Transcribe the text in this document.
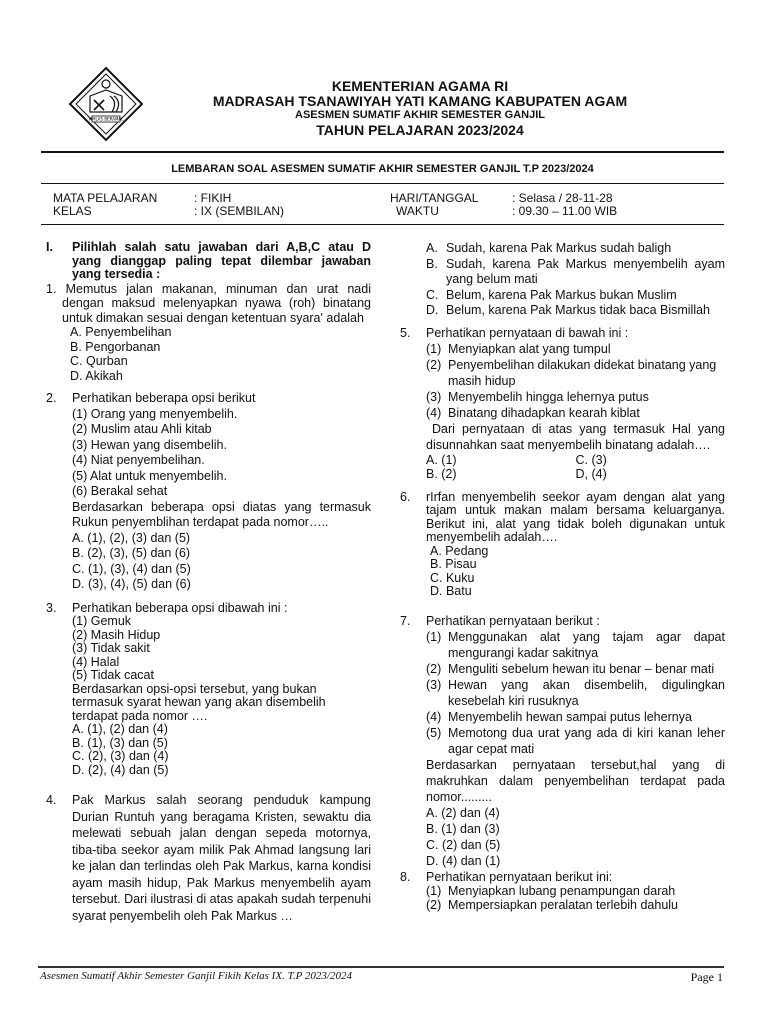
IKHLAS BERAMAL
KEMENTERIAN AGAMA RI
MADRASAH TSANAWIYAH YATI KAMANG KABUPATEN AGAM
ASESMEN SUMATIF AKHIR SEMESTER GANJIL
TAHUN PELAJARAN 2023/2024
LEMBARAN SOAL ASESMEN SUMATIF AKHIR SEMESTER GANJIL T.P 2023/2024
MATA PELAJARAN	: FIKIH
KELAS	: IX (SEMBILAN)
HARI/TANGGAL	: Selasa / 28-11-28
WAKTU	: 09.30 – 11.00 WIB
I.	Pilihlah salah satu jawaban dari A,B,C atau D yang dianggap paling tepat dilembar jawaban yang tersedia :
1. Memutus jalan makanan, minuman dan urat nadi dengan maksud melenyapkan nyawa (roh) binatang untuk dimakan sesuai dengan ketentuan syara' adalah
A. Penyembelihan
B. Pengorbanan
C. Qurban
D. Akikah
2. Perhatikan beberapa opsi berikut
(1) Orang yang menyembelih.
(2) Muslim atau Ahli kitab
(3) Hewan yang disembelih.
(4) Niat penyembelihan.
(5) Alat untuk menyembelih.
(6) Berakal sehat
Berdasarkan beberapa opsi diatas yang termasuk Rukun penyemblihan terdapat pada nomor…..
A. (1), (2), (3) dan (5)
B. (2), (3), (5) dan (6)
C. (1), (3), (4) dan (5)
D. (3), (4), (5) dan (6)
3. Perhatikan beberapa opsi dibawah ini :
(1) Gemuk
(2) Masih Hidup
(3) Tidak sakit
(4) Halal
(5) Tidak cacat
Berdasarkan opsi-opsi tersebut, yang bukan termasuk syarat hewan yang akan disembelih terdapat pada nomor ….
A. (1), (2) dan (4)
B. (1), (3) dan (5)
C. (2), (3) dan (4)
D. (2), (4) dan (5)
4. Pak Markus salah seorang penduduk kampung Durian Runtuh yang beragama Kristen, sewaktu dia melewati sebuah jalan dengan sepeda motornya, tiba-tiba seekor ayam milik Pak Ahmad langsung lari ke jalan dan terlindas oleh Pak Markus, karna kondisi ayam masih hidup, Pak Markus menyembelih ayam tersebut. Dari ilustrasi di atas apakah sudah terpenuhi syarat penyembelih oleh Pak Markus …
A. Sudah, karena Pak Markus sudah baligh
B. Sudah, karena Pak Markus menyembelih ayam yang belum mati
C. Belum, karena Pak Markus bukan Muslim
D. Belum, karena Pak Markus tidak baca Bismillah
5. Perhatikan pernyataan di bawah ini :
(1) Menyiapkan alat yang tumpul
(2) Penyembelihan dilakukan didekat binatang yang masih hidup
(3) Menyembelih hingga lehernya putus
(4) Binatang dihadapkan kearah kiblat
Dari pernyataan di atas yang termasuk Hal yang disunnahkan saat menyembelih binatang adalah….
A. (1)	C. (3)
B. (2)	D, (4)
6. rIrfan menyembelih seekor ayam dengan alat yang tajam untuk makan malam bersama keluarganya. Berikut ini, alat yang tidak boleh digunakan untuk menyembelih adalah….
A. Pedang
B. Pisau
C. Kuku
D. Batu
7. Perhatikan pernyataan berikut :
(1) Menggunakan alat yang tajam agar dapat mengurangi kadar sakitnya
(2) Menguliti sebelum hewan itu benar – benar mati
(3) Hewan yang akan disembelih, digulingkan kesebelah kiri rusuknya
(4) Menyembelih hewan sampai putus lehernya
(5) Memotong dua urat yang ada di kiri kanan leher agar cepat mati
Berdasarkan pernyataan tersebut,hal yang di makruhkan dalam penyembelihan terdapat pada nomor.........
A. (2) dan (4)
B. (1) dan (3)
C. (2) dan (5)
D. (4) dan (1)
8. Perhatikan pernyataan berikut ini:
(1) Menyiapkan lubang penampungan darah
(2) Mempersiapkan peralatan terlebih dahulu
Asesmen Sumatif Akhir Semester Ganjil Fikih Kelas IX. T.P 2023/2024	Page 1
